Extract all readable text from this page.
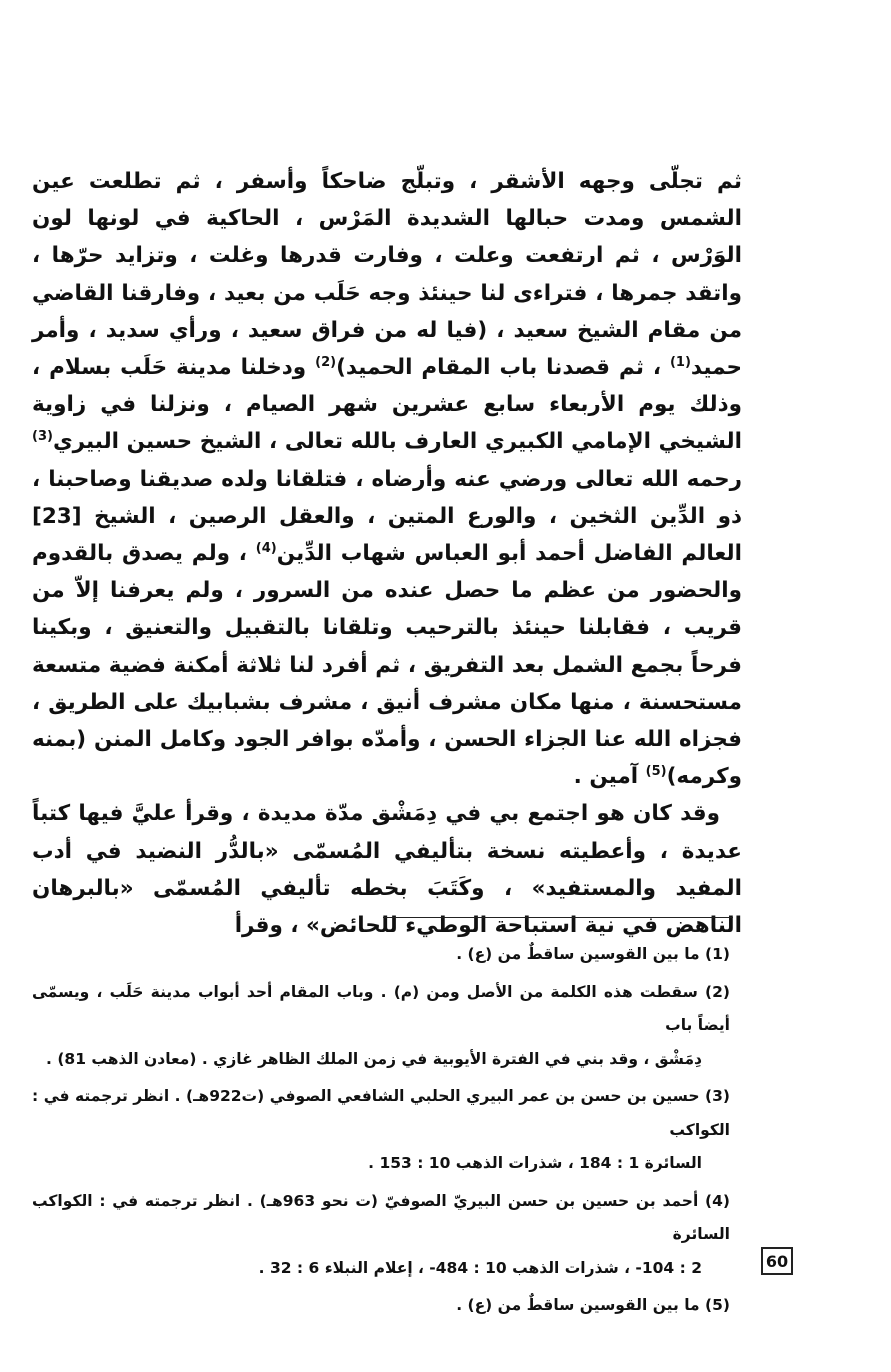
ثم تجلّى وجهه الأشقر ، وتبلّج ضاحكاً وأسفر ، ثم تطلعت عين الشمس ومدت حبالها الشديدة المَرْس ، الحاكية في لونها لون الوَرْس ، ثم ارتفعت وعلت ، وفارت قدرها وغلت ، وتزايد حرّها ، واتقد جمرها ، فتراءى لنا حينئذ وجه حَلَب من بعيد ، وفارقنا القاضي من مقام الشيخ سعيد ، (فيا له من فراق سعيد ، ورأي سديد ، وأمر حميد$^{(1)}$ ، ثم قصدنا باب المقام الحميد)$^{(2)}$ ودخلنا مدينة حَلَب بسلام ، وذلك يوم الأربعاء سابع عشرين شهر الصيام ، ونزلنا في زاوية الشيخي الإمامي الكبيري العارف بالله تعالى ، الشيخ حسين البيري$^{(3)}$ رحمه الله تعالى ورضي عنه وأرضاه ، فتلقانا ولده صديقنا وصاحبنا ، ذو الدِّين الثخين ، والورع المتين ، والعقل الرصين ، الشيخ [23] العالم الفاضل أحمد أبو العباس شهاب الدِّين$^{(4)}$ ، ولم يصدق بالقدوم والحضور من عظم ما حصل عنده من السرور ، ولم يعرفنا إلاّ من قريب ، فقابلنا حينئذ بالترحيب وتلقانا بالتقبيل والتعنيق ، وبكينا فرحاً بجمع الشمل بعد التفريق ، ثم أفرد لنا ثلاثة أمكنة فضية متسعة مستحسنة ، منها مكان مشرف أنيق ، مشرف بشبابيك على الطريق ، فجزاه الله عنا الجزاء الحسن ، وأمدّه بوافر الجود وكامل المنن (بمنه وكرمه)$^{(5)}$ آمين .

وقد كان هو اجتمع بي في دِمَشْق مدّة مديدة ، وقرأ عليَّ فيها كتباً عديدة ، وأعطيته نسخة بتأليفي المُسمّى «بالدُّر النضيد في أدب المفيد والمستفيد» ، وكَتَبَ بخطه تأليفي المُسمّى «بالبرهان الناهض في نية استباحة الوطيء للحائض» ، وقرأ

(1) ما بين القوسين ساقطٌ من (ع) .

(2) سقطت هذه الكلمة من الأصل ومن (م) . وباب المقام أحد أبواب مدينة حَلَب ، ويسمّى أيضاً باب
دِمَشْق ، وقد بني في الفترة الأيوبية في زمن الملك الظاهر غازي . (معادن الذهب 81) .

(3) حسين بن حسن بن عمر البيري الحلبي الشافعي الصوفي (ت922هـ) . انظر ترجمته في : الكواكب
السائرة 1 : 184 ، شذرات الذهب 10 : 153 .

(4) أحمد بن حسين بن حسن البيريّ الصوفيّ (ت نحو 963هـ) . انظر ترجمته في : الكواكب السائرة
2 : 104- ، شذرات الذهب 10 : 484- ، إعلام النبلاء 6 : 32 .

(5) ما بين القوسين ساقطٌ من (ع) .

60
